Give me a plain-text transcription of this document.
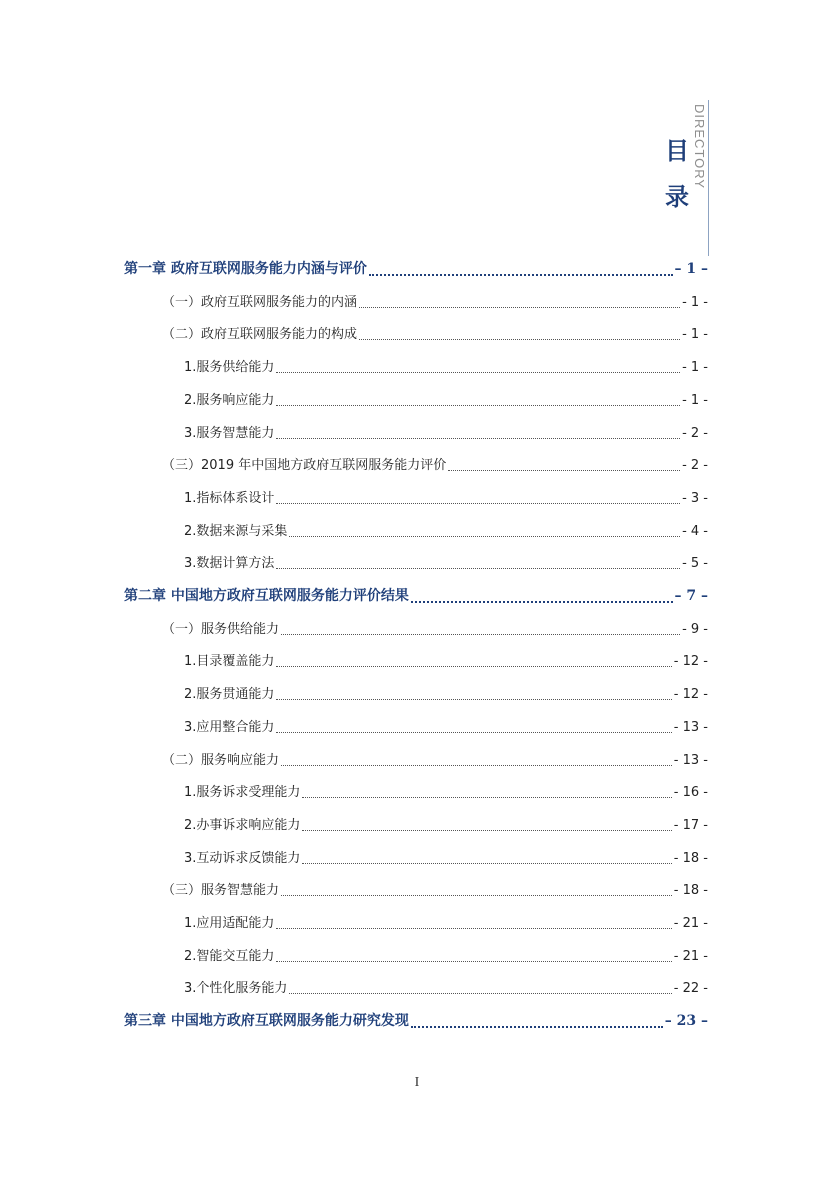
目录
DIRECTORY
第一章 政府互联网服务能力内涵与评价	– 1 –
（一）政府互联网服务能力的内涵	- 1 -
（二）政府互联网服务能力的构成	- 1 -
1.服务供给能力	- 1 -
2.服务响应能力	- 1 -
3.服务智慧能力	- 2 -
（三）2019 年中国地方政府互联网服务能力评价	- 2 -
1.指标体系设计	- 3 -
2.数据来源与采集	- 4 -
3.数据计算方法	- 5 -
第二章 中国地方政府互联网服务能力评价结果	– 7 –
（一）服务供给能力	- 9 -
1.目录覆盖能力	- 12 -
2.服务贯通能力	- 12 -
3.应用整合能力	- 13 -
（二）服务响应能力	- 13 -
1.服务诉求受理能力	- 16 -
2.办事诉求响应能力	- 17 -
3.互动诉求反馈能力	- 18 -
（三）服务智慧能力	- 18 -
1.应用适配能力	- 21 -
2.智能交互能力	- 21 -
3.个性化服务能力	- 22 -
第三章 中国地方政府互联网服务能力研究发现	– 23 –
I
